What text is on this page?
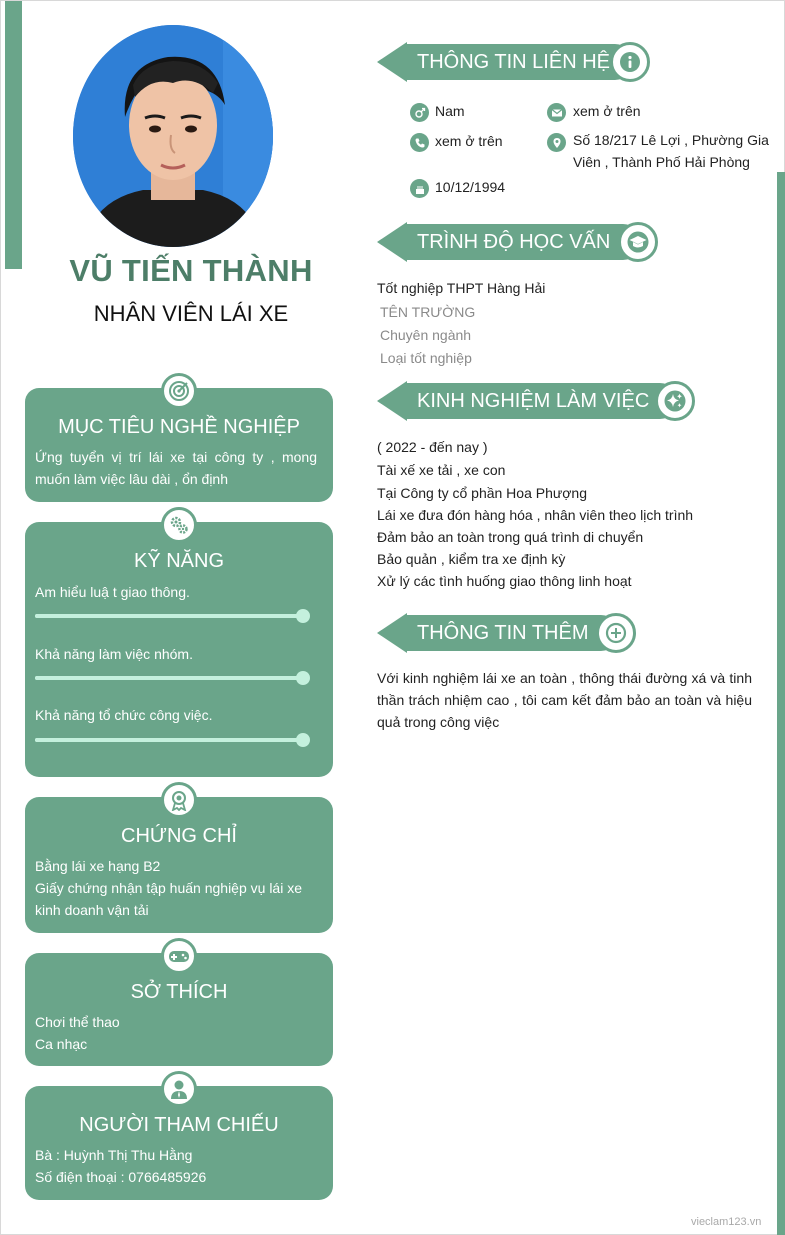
VŨ TIẾN THÀNH
NHÂN VIÊN LÁI XE
MỤC TIÊU NGHỀ NGHIỆP
Ứng tuyển vị trí lái xe tại công ty , mong muốn làm việc lâu dài , ổn định
KỸ NĂNG
Am hiểu luậ t giao thông.
Khả năng làm việc nhóm.
Khả năng tổ chức công việc.
CHỨNG CHỈ
Bằng lái xe hạng B2
Giấy chứng nhận tập huấn nghiệp vụ lái xe kinh doanh vận tải
SỞ THÍCH
Chơi thể thao
Ca nhạc
NGƯỜI THAM CHIẾU
Bà : Huỳnh Thị Thu Hằng
Số điện thoại : 0766485926
THÔNG TIN LIÊN HỆ
Nam	xem ở trên
xem ở trên	Số 18/217 Lê Lợi , Phường Gia Viên , Thành Phố Hải Phòng
10/12/1994
TRÌNH ĐỘ HỌC VẤN
Tốt nghiệp THPT Hàng Hải
TÊN TRƯỜNG
Chuyên ngành
Loại tốt nghiệp
KINH NGHIỆM LÀM VIỆC
( 2022 - đến nay )
Tài xế xe tải , xe con
Tại Công ty cổ phần Hoa Phượng
Lái xe đưa đón hàng hóa , nhân viên theo lịch trình
Đảm bảo an toàn trong quá trình di chuyển
Bảo quản , kiểm tra xe định kỳ
Xử lý các tình huống giao thông linh hoạt
THÔNG TIN THÊM
Với kinh nghiệm lái xe an toàn , thông thái đường xá và tinh thần trách nhiệm cao , tôi cam kết đảm bảo an toàn và hiệu quả trong công việc
vieclam123.vn
